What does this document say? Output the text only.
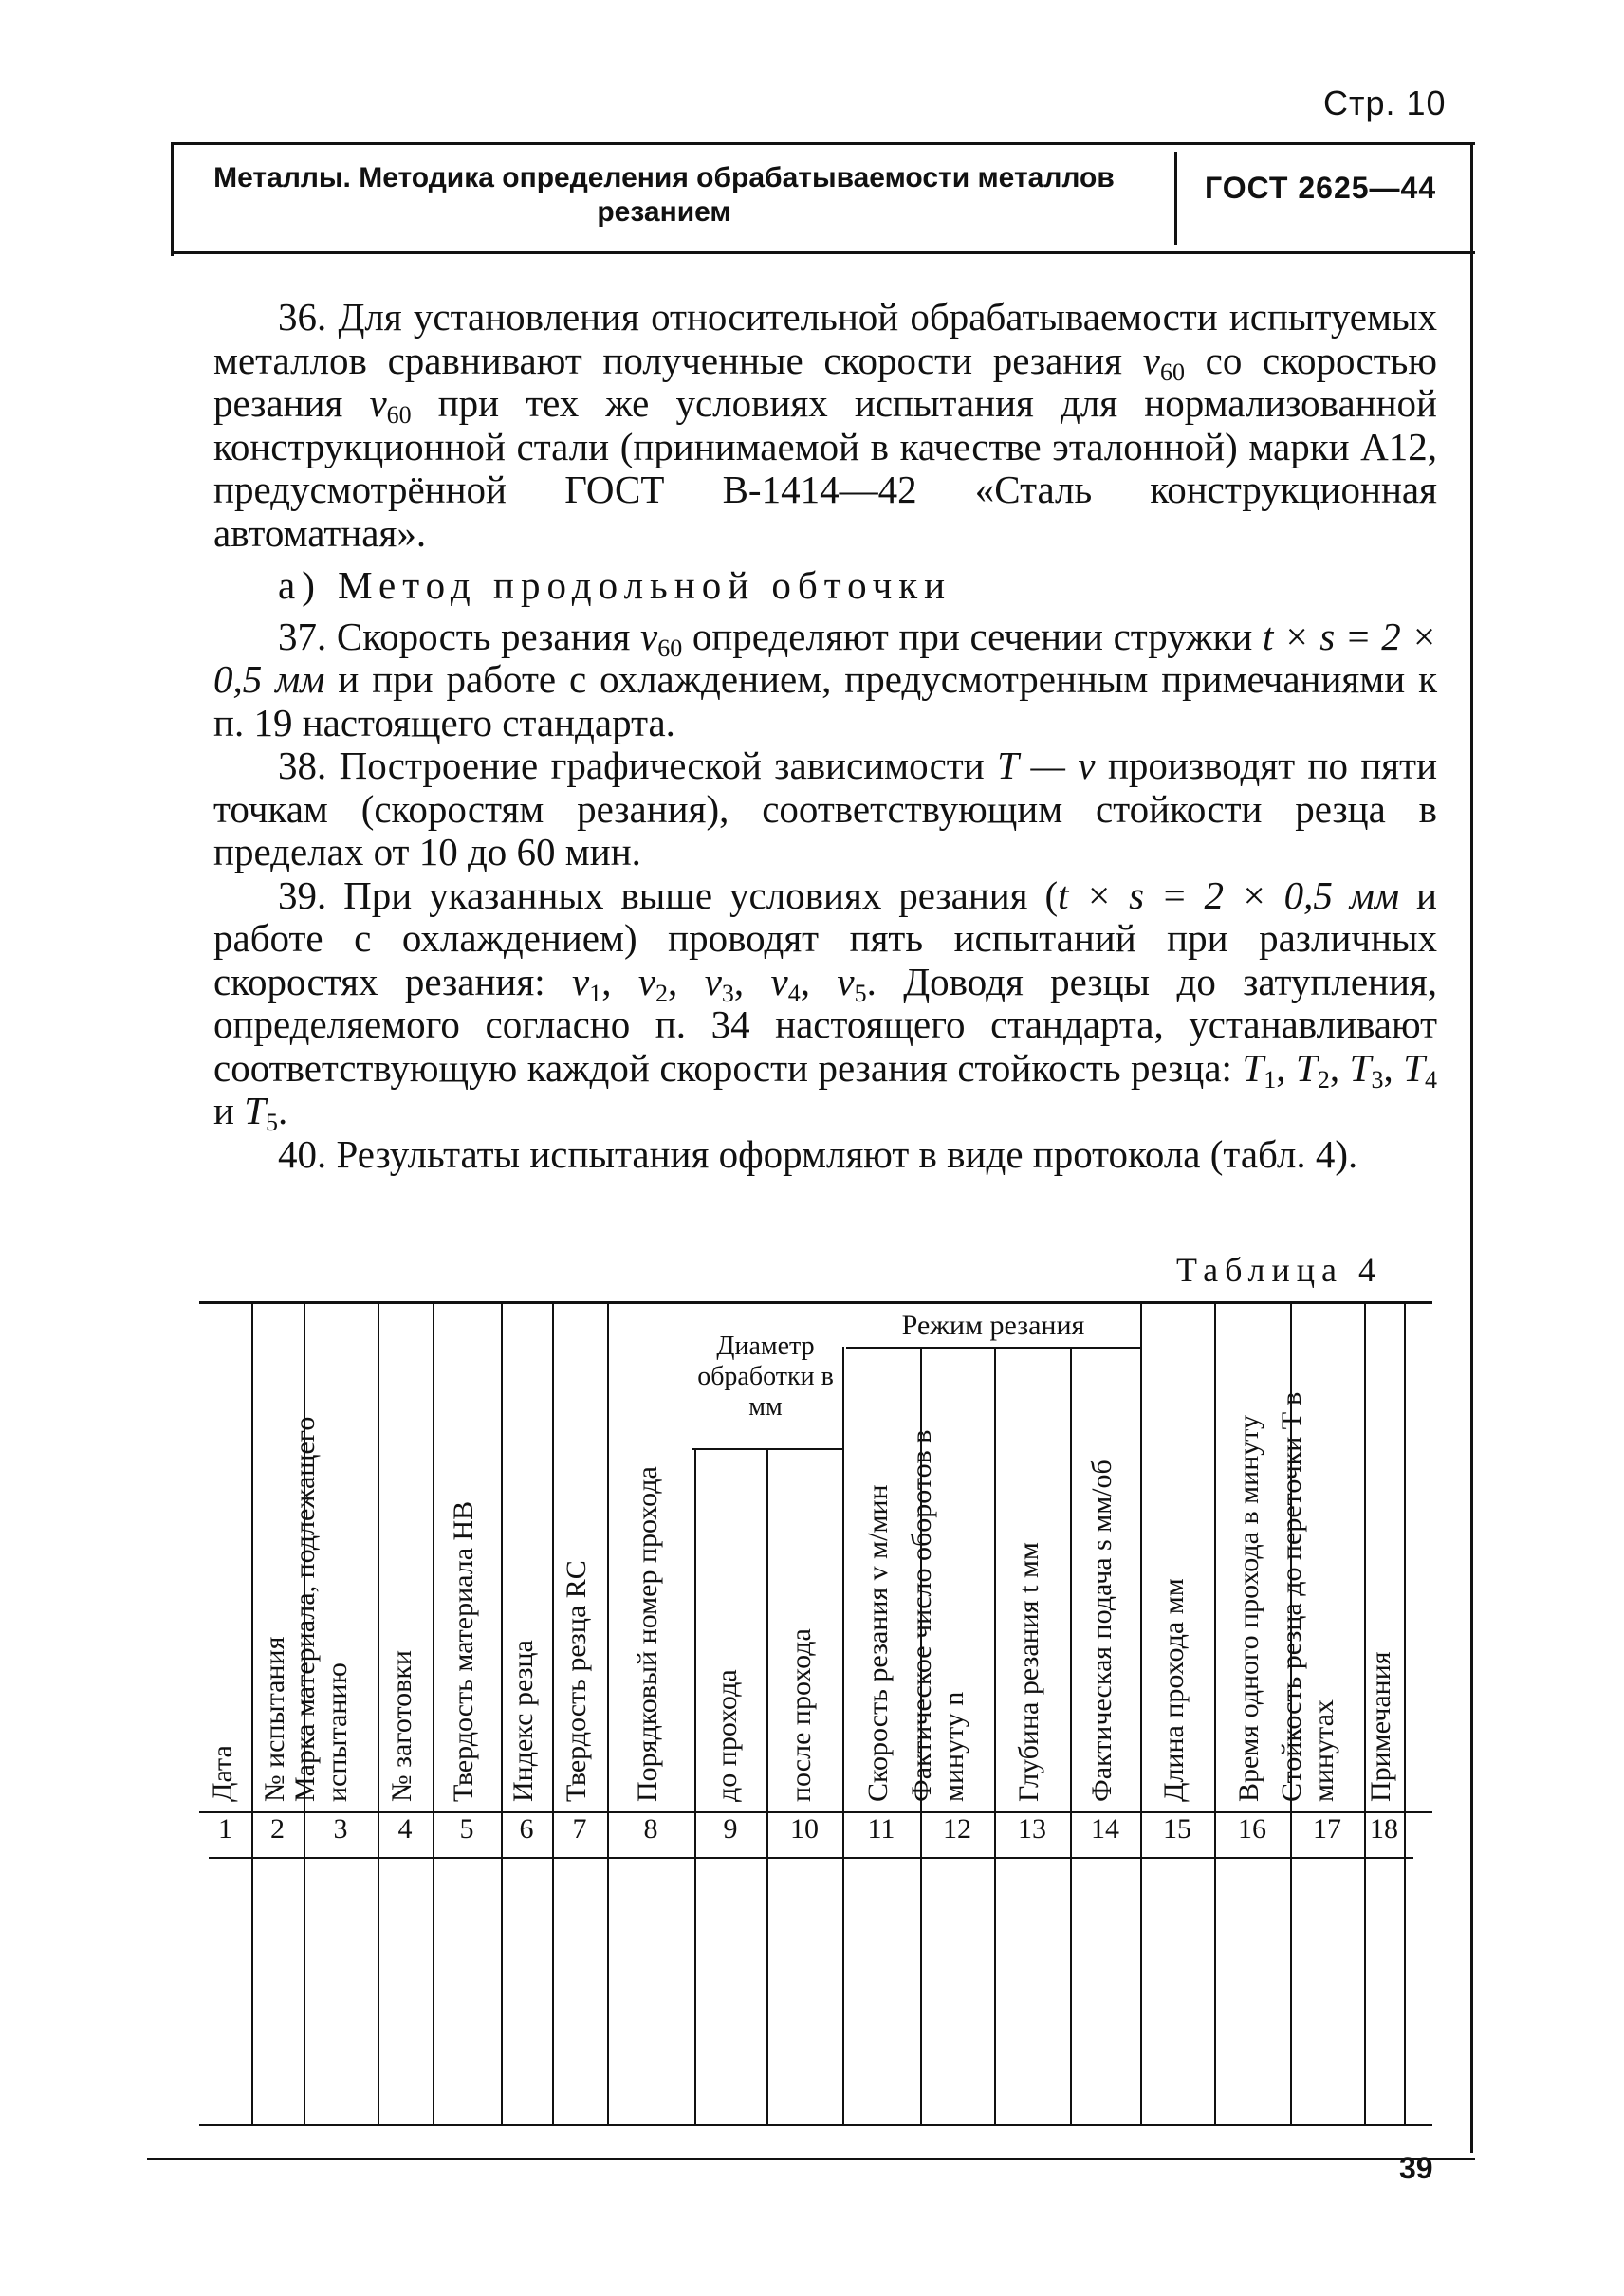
Стр. 10
Металлы. Методика определения обрабатываемости металлов резанием
ГОСТ 2625—44

36. Для установления относительной обрабатываемости испытуемых металлов сравнивают полученные скорости резания $v_{60}$ со скоростью резания $v_{60}$ при тех же условиях испытания для нормализованной конструкционной стали (принимаемой в качестве эталонной) марки А12, предусмотрённой ГОСТ В-1414—42 «Сталь конструкционная автоматная».

а) Метод продольной обточки

37. Скорость резания $v_{60}$ определяют при сечении стружки t × s = 2 × 0,5 мм и при работе с охлаждением, предусмотренным примечаниями к п. 19 настоящего стандарта.

38. Построение графической зависимости T — v производят по пяти точкам (скоростям резания), соответствующим стойкости резца в пределах от 10 до 60 мин.

39. При указанных выше условиях резания (t × s = 2 × 0,5 мм и работе с охлаждением) проводят пять испытаний при различных скоростях резания: $v_1$, $v_2$, $v_3$, $v_4$, $v_5$. Доводя резцы до затупления, определяемого согласно п. 34 настоящего стандарта, устанавливают соответствующую каждой скорости резания стойкость резца: $T_1$, $T_2$, $T_3$, $T_4$ и $T_5$.

40. Результаты испытания оформляют в виде протокола (табл. 4).

Таблица 4
Диаметр обработки в мм
Режим резания
Дата
1
№ испытания
2
Марка материала, подлежащего испытанию
3
№ заготовки
4
Твердость материала HB
5
Индекс резца
6
Твердость резца RC
7
Порядковый номер прохода
8
до прохода
9
после прохода
10
Скорость резания v м/мин
11
Фактическое число оборотов в минуту n
12
Глубина резания t мм
13
Фактическая подача s мм/об
14
Длина прохода мм
15
Время одного прохода в минуту
16
Стойкость резца до переточки T в минутах
17
Примечания
18
39
